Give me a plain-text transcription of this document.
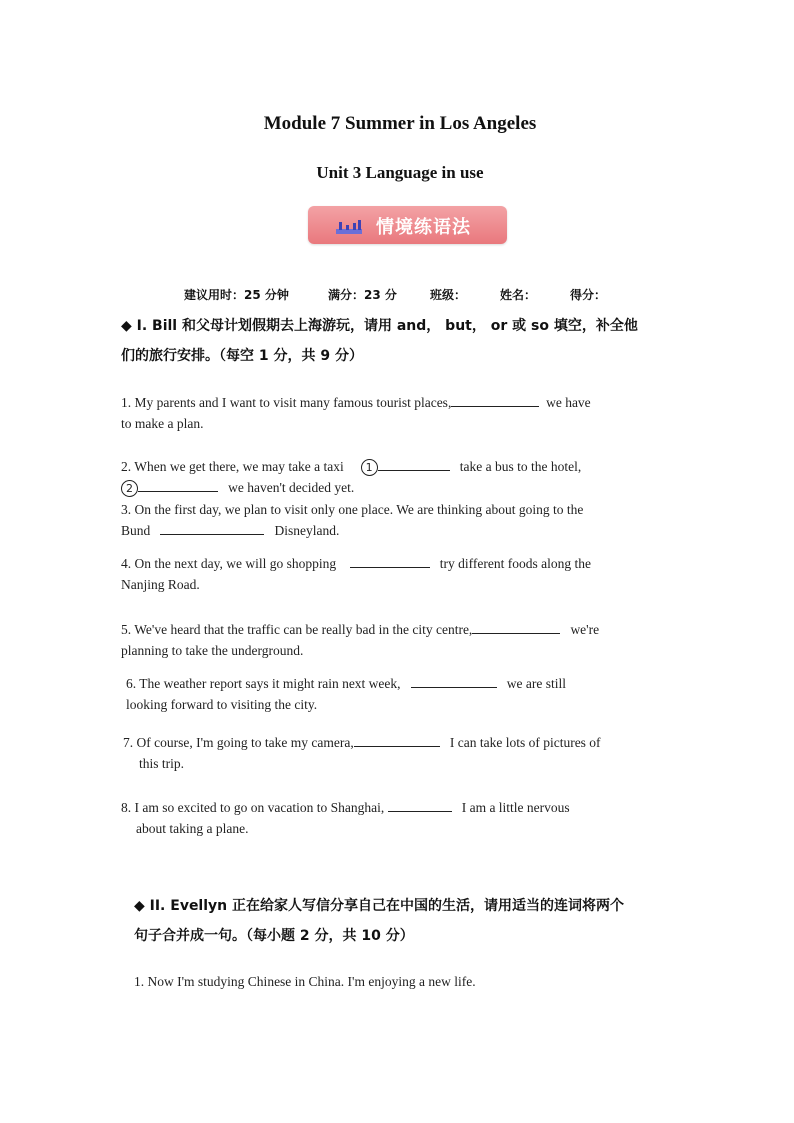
Module 7 Summer in Los Angeles
Unit 3 Language in use
情境练语法
建议用时：25 分钟	满分：23 分	班级：	姓名：	得分：
◆ I. Bill 和父母计划假期去上海游玩，请用 and， but， or 或 so 填空，补全他
们的旅行安排。（每空 1 分，共 9 分）
1. My parents and I want to visit many famous tourist places,	we have
to make a plan.
2. When we get there, we may take a taxi 1	take a bus to the hotel,
2	we haven't decided yet.
3. On the first day, we plan to visit only one place. We are thinking about going to the
Bund	Disneyland.
4. On the next day, we will go shopping	try different foods along the
Nanjing Road.
5. We've heard that the traffic can be really bad in the city centre,	we're
planning to take the underground.
6. The weather report says it might rain next week,	we are still
looking forward to visiting the city.
7. Of course, I'm going to take my camera,	I can take lots of pictures of
this trip.
8. I am so excited to go on vacation to Shanghai,	I am a little nervous
about taking a plane.
◆ II. Evellyn 正在给家人写信分享自己在中国的生活，请用适当的连词将两个
句子合并成一句。（每小题 2 分，共 10 分）
1. Now I'm studying Chinese in China. I'm enjoying a new life.
